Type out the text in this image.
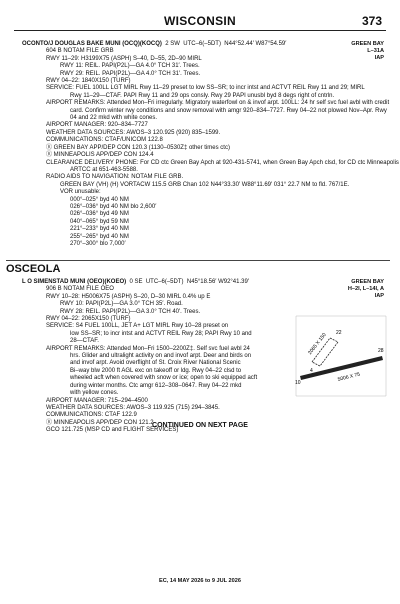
WISCONSIN	373
OCONTO/J DOUGLAS BAKE MUNI (OCQ)(KOCQ) 2 SW UTC–6(–5DT) N44°52.44′ W87°54.59′
604 B NOTAM FILE GRB
RWY 11–29: H3199X75 (ASPH) S–40, D–55, 2D–90 MIRL
RWY 11: REIL. PAPI(P2L)—GA 4.0° TCH 31′. Trees.
RWY 29: REIL. PAPI(P2L)—GA 4.0° TCH 31′. Trees.
RWY 04–22: 1840X150 (TURF)
SERVICE: FUEL 100LL LGT MIRL Rwy 11–29 preset to low SS–SR; to incr intst and ACTVT REIL Rwy 11 and 29; MIRL
Rwy 11–29—CTAF. PAPI Rwy 11 and 29 ops consly. Rwy 29 PAPI unusbl byd 8 degs right of cntrln.
AIRPORT REMARKS: Attended Mon–Fri irregularly. Migratory waterfowl on & invof arpt. 100LL: 24 hr self svc fuel avbl with credit
card. Confirm winter rwy conditions and snow removal with amgr 920–834–7727. Rwy 04–22 not plowed Nov–Apr. Rwy
04 and 22 mkd with white cones.
AIRPORT MANAGER: 920–834–7727
WEATHER DATA SOURCES: AWOS–3 120.925 (920) 835–1599.
COMMUNICATIONS: CTAF/UNICOM 122.8
Ⓡ GREEN BAY APP/DEP CON 120.3 (1130–0530Z‡ other times ctc)
Ⓡ MINNEAPOLIS APP/DEP CON 124.4
CLEARANCE DELIVERY PHONE: For CD ctc Green Bay Apch at 920-431-5741, when Green Bay Apch clsd, for CD ctc Minneapolis
ARTCC at 651-463-5588.
RADIO AIDS TO NAVIGATION: NOTAM FILE GRB.
GREEN BAY (VH) (H) VORTACW 115.5 GRB Chan 102 N44°33.30′ W88°11.69′ 031° 22.7 NM to fld. 767/1E.
VOR unusable:
000°–025° byd 40 NM
026°–036° byd 40 NM blo 2,600′
026°–036° byd 49 NM
040°–065° byd 59 NM
221°–233° byd 40 NM
255°–265° byd 40 NM
270°–300° blo 7,000′
GREEN BAY
L–31A
IAP
OSCEOLA
L O SIMENSTAD MUNI (OEO)(KOEO) 0 SE UTC–6(–5DT) N45°18.56′ W92°41.39′
906 B NOTAM FILE OEO
RWY 10–28: H5006X75 (ASPH) S–20, D–30 MIRL 0.4% up E
RWY 10: PAPI(P2L)—GA 3.0° TCH 35′. Road.
RWY 28: REIL. PAPI(P2L)—GA 3.0° TCH 40′. Trees.
RWY 04–22: 2065X150 (TURF)
SERVICE: S4 FUEL 100LL, JET A+ LGT MIRL Rwy 10–28 preset on
low SS–SR; to incr intst and ACTVT REIL Rwy 28; PAPI Rwy 10 and
28—CTAF.
AIRPORT REMARKS: Attended Mon–Fri 1500–2200Z‡. Self svc fuel avbl 24
hrs. Glider and ultralight activity on and invof arpt. Deer and birds on
and invof arpt. Avoid overflight of St. Croix River National Scenic
Bi–way blw 2000 ft AGL exc on takeoff or ldg. Rwy 04–22 clsd to
wheeled acft when covered with snow or ice; open to ski equipped acft
during winter months. Ctc amgr 612–308–0647. Rwy 04–22 mkd
with yellow cones.
AIRPORT MANAGER: 715–294–4500
WEATHER DATA SOURCES: AWOS–3 119.925 (715) 294–3845.
COMMUNICATIONS: CTAF 122.9
Ⓡ MINNEAPOLIS APP/DEP CON 121.2
GCO 121.725 (MSP CD and FLIGHT SERVICES)
GREEN BAY
H–2I, L–14I, A
IAP
2065 X 150
5006 X 75
4
10
22
28
CONTINUED ON NEXT PAGE
EC, 14 MAY 2026 to 9 JUL 2026
